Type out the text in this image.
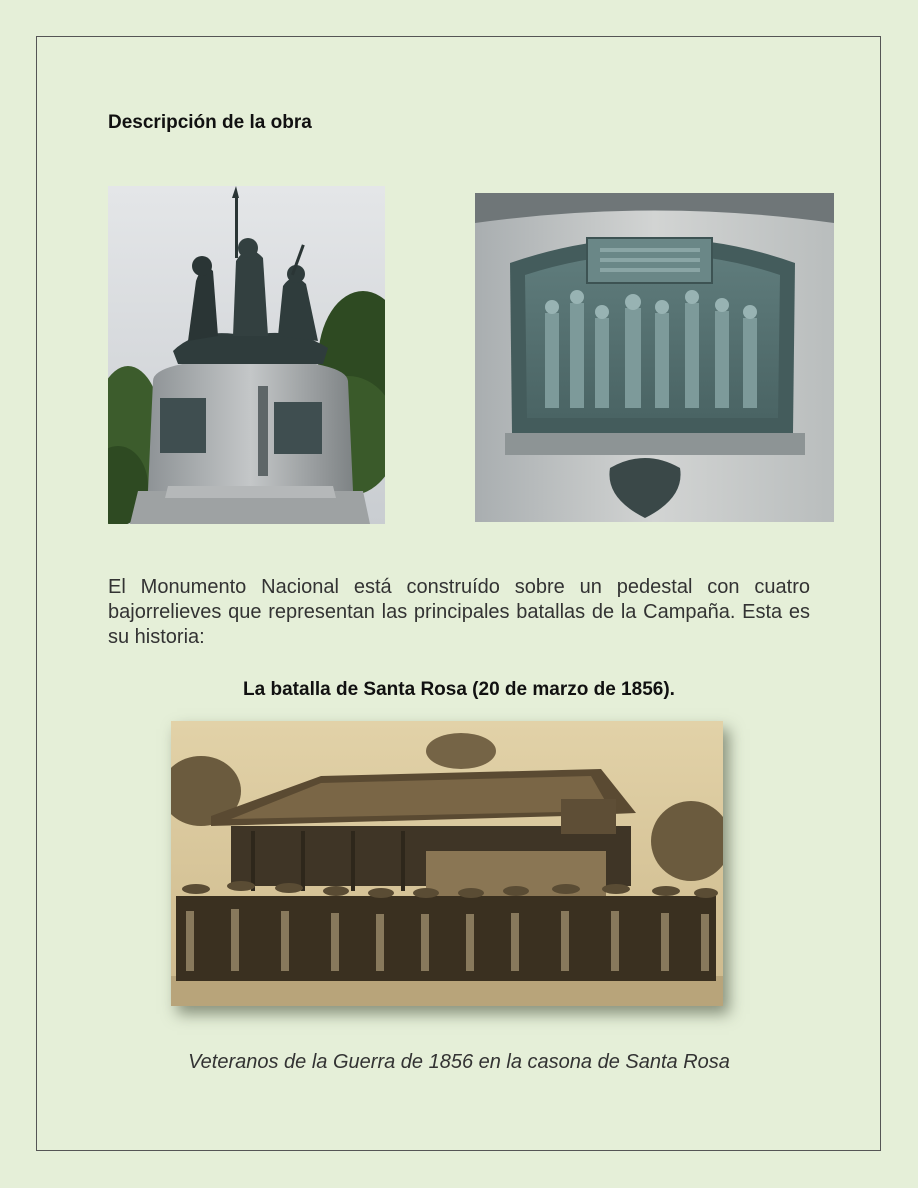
Descripción de la obra

El Monumento Nacional está construído sobre un pedestal con cuatro bajorrelieves que representan las principales batallas de la Campaña. Esta es su historia:

La batalla de Santa Rosa (20 de marzo de 1856).

Veteranos de la Guerra de 1856 en la casona de Santa Rosa
